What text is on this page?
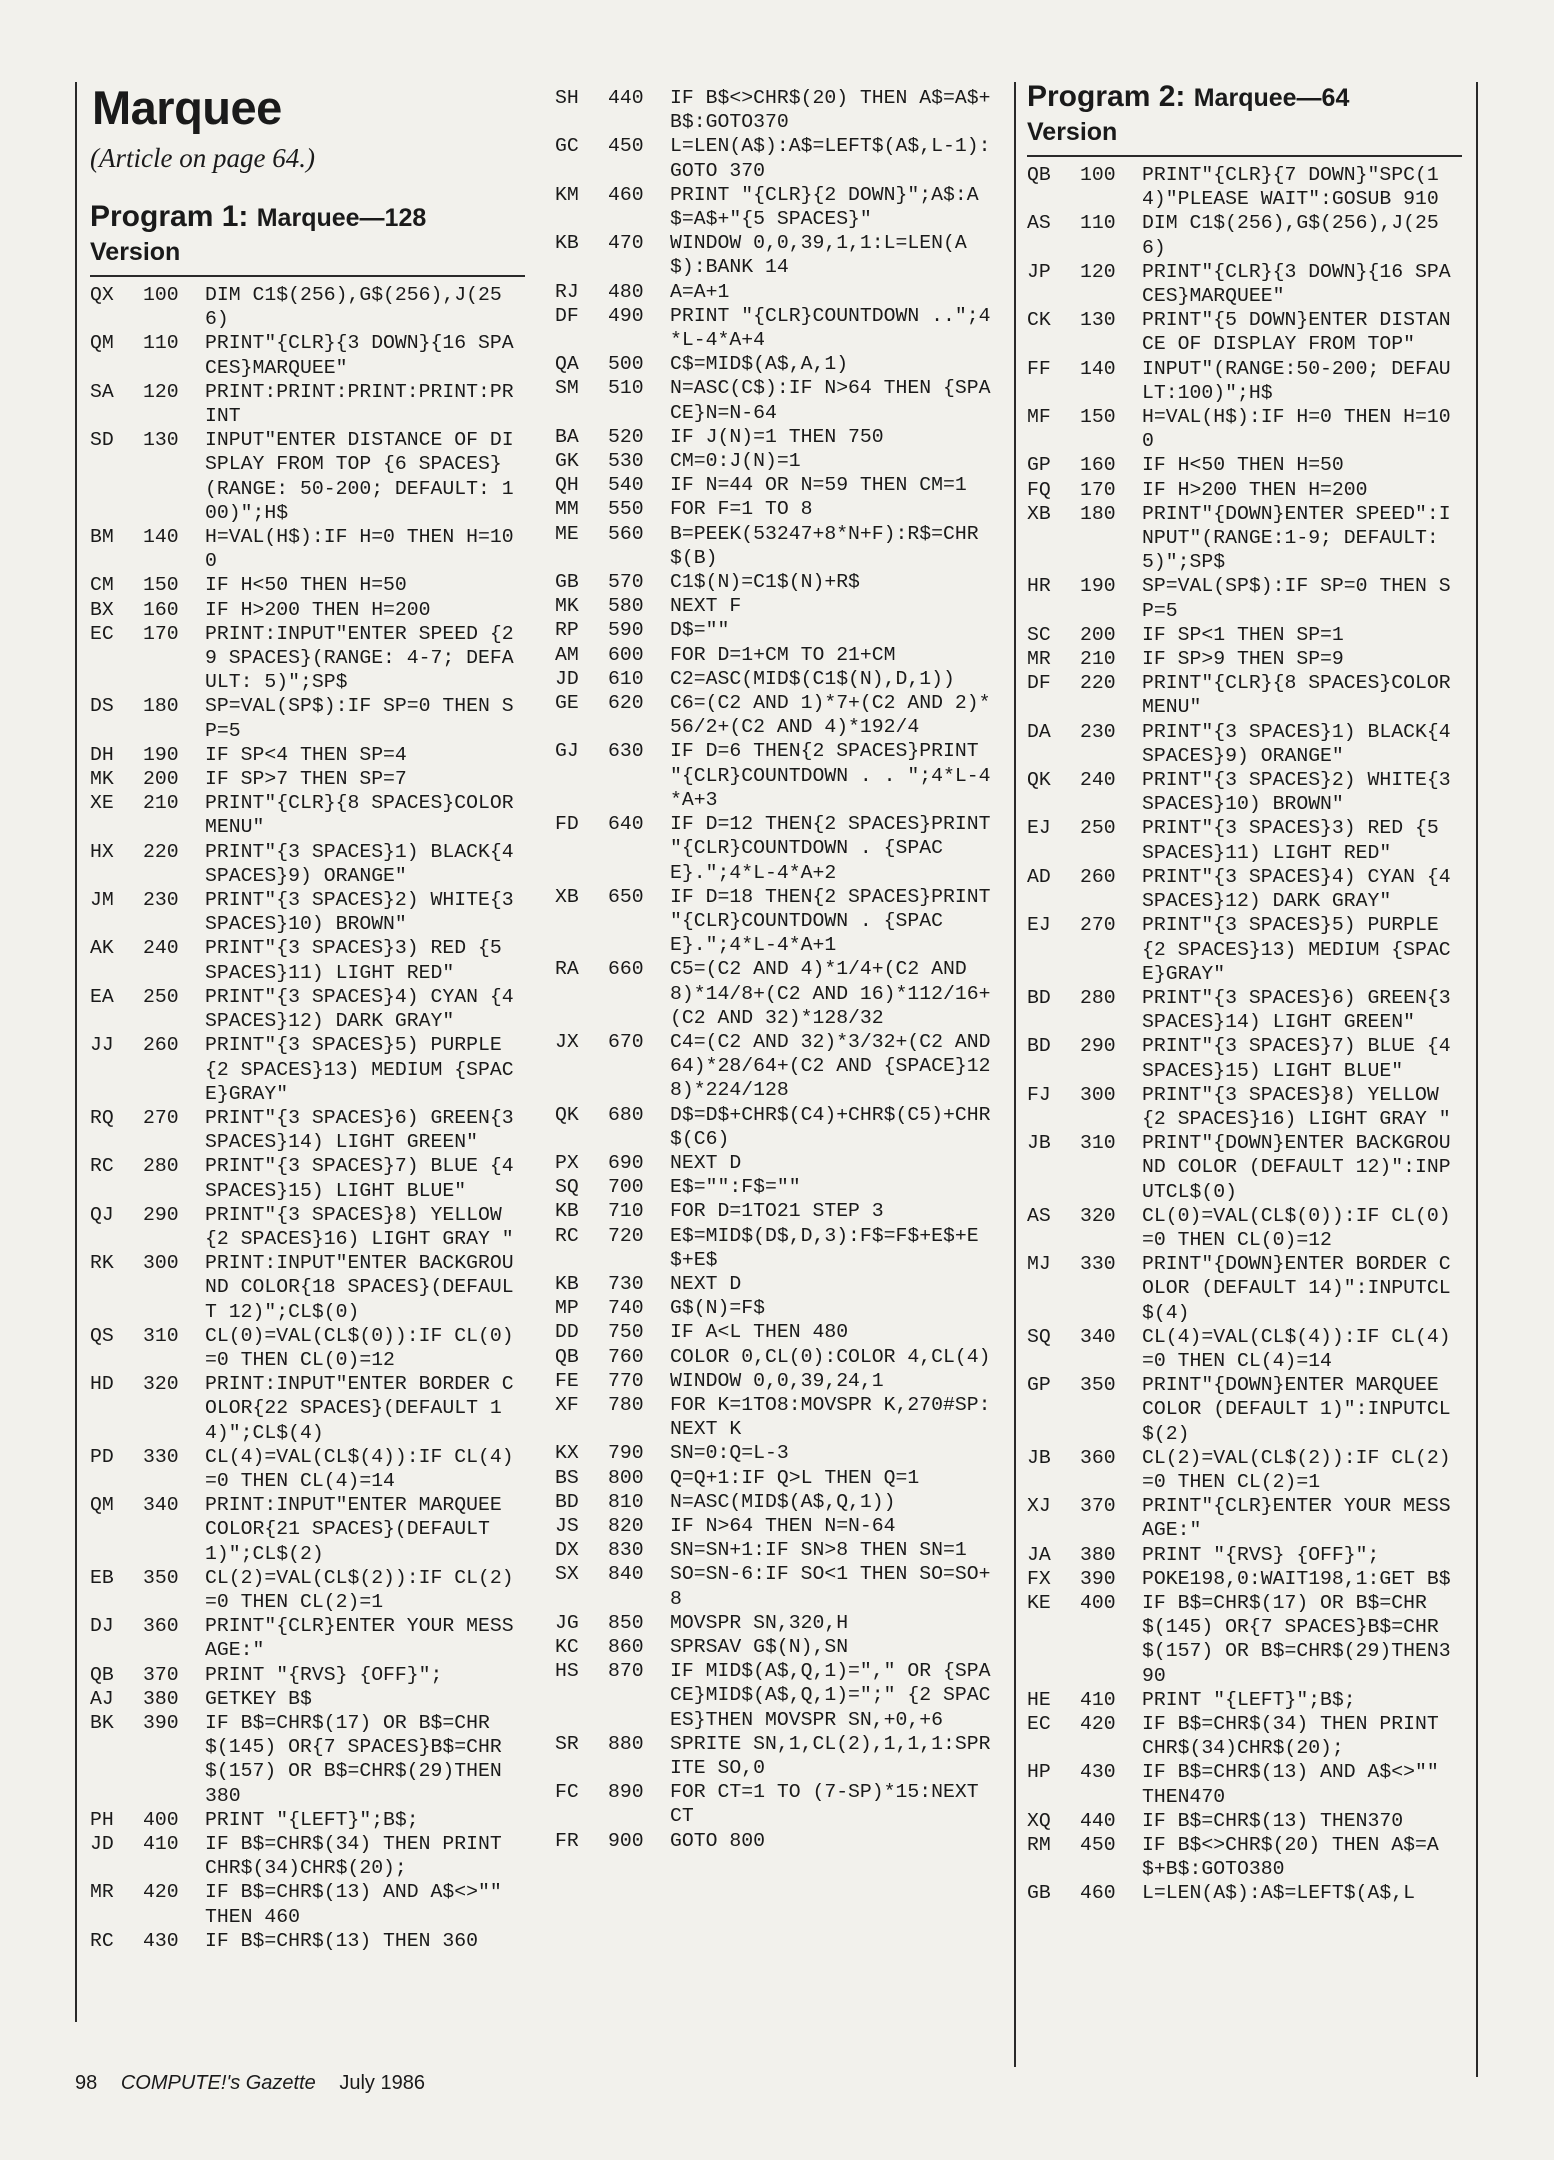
Marquee
(Article on page 64.)
Program 1: Marquee—128
Version
QX	100	DIM C1$(256),G$(256),J(256)
QM	110	PRINT"{CLR}{3 DOWN}{16 SPACES}MARQUEE"
SA	120	PRINT:PRINT:PRINT:PRINT:PRINT
SD	130	INPUT"ENTER DISTANCE OF DISPLAY FROM TOP {6 SPACES}(RANGE: 50-200; DEFAULT: 100)";H$
BM	140	H=VAL(H$):IF H=0 THEN H=100
CM	150	IF H<50 THEN H=50
BX	160	IF H>200 THEN H=200
EC	170	PRINT:INPUT"ENTER SPEED {29 SPACES}(RANGE: 4-7; DEFAULT: 5)";SP$
DS	180	SP=VAL(SP$):IF SP=0 THEN SP=5
DH	190	IF SP<4 THEN SP=4
MK	200	IF SP>7 THEN SP=7
XE	210	PRINT"{CLR}{8 SPACES}COLOR MENU"
HX	220	PRINT"{3 SPACES}1) BLACK{4 SPACES}9) ORANGE"
JM	230	PRINT"{3 SPACES}2) WHITE{3 SPACES}10) BROWN"
AK	240	PRINT"{3 SPACES}3) RED {5 SPACES}11) LIGHT RED"
EA	250	PRINT"{3 SPACES}4) CYAN {4 SPACES}12) DARK GRAY"
JJ	260	PRINT"{3 SPACES}5) PURPLE{2 SPACES}13) MEDIUM {SPACE}GRAY"
RQ	270	PRINT"{3 SPACES}6) GREEN{3 SPACES}14) LIGHT GREEN"
RC	280	PRINT"{3 SPACES}7) BLUE {4 SPACES}15) LIGHT BLUE"
QJ	290	PRINT"{3 SPACES}8) YELLOW{2 SPACES}16) LIGHT GRAY "
RK	300	PRINT:INPUT"ENTER BACKGROUND COLOR{18 SPACES}(DEFAULT 12)";CL$(0)
QS	310	CL(0)=VAL(CL$(0)):IF CL(0)=0 THEN CL(0)=12
HD	320	PRINT:INPUT"ENTER BORDER COLOR{22 SPACES}(DEFAULT 14)";CL$(4)
PD	330	CL(4)=VAL(CL$(4)):IF CL(4)=0 THEN CL(4)=14
QM	340	PRINT:INPUT"ENTER MARQUEE COLOR{21 SPACES}(DEFAULT 1)";CL$(2)
EB	350	CL(2)=VAL(CL$(2)):IF CL(2)=0 THEN CL(2)=1
DJ	360	PRINT"{CLR}ENTER YOUR MESSAGE:"
QB	370	PRINT "{RVS} {OFF}";
AJ	380	GETKEY B$
BK	390	IF B$=CHR$(17) OR B$=CHR$(145) OR{7 SPACES}B$=CHR$(157) OR B$=CHR$(29)THEN 380
PH	400	PRINT "{LEFT}";B$;
JD	410	IF B$=CHR$(34) THEN PRINT CHR$(34)CHR$(20);
MR	420	IF B$=CHR$(13) AND A$<>"" THEN 460
RC	430	IF B$=CHR$(13) THEN 360
SH	440	IF B$<>CHR$(20) THEN A$=A$+B$:GOTO370
GC	450	L=LEN(A$):A$=LEFT$(A$,L-1):GOTO 370
KM	460	PRINT "{CLR}{2 DOWN}";A$:A$=A$+"{5 SPACES}"
KB	470	WINDOW 0,0,39,1,1:L=LEN(A$):BANK 14
RJ	480	A=A+1
DF	490	PRINT "{CLR}COUNTDOWN ..";4*L-4*A+4
QA	500	C$=MID$(A$,A,1)
SM	510	N=ASC(C$):IF N>64 THEN {SPACE}N=N-64
BA	520	IF J(N)=1 THEN 750
GK	530	CM=0:J(N)=1
QH	540	IF N=44 OR N=59 THEN CM=1
MM	550	FOR F=1 TO 8
ME	560	B=PEEK(53247+8*N+F):R$=CHR$(B)
GB	570	C1$(N)=C1$(N)+R$
MK	580	NEXT F
RP	590	D$=""
AM	600	FOR D=1+CM TO 21+CM
JD	610	C2=ASC(MID$(C1$(N),D,1))
GE	620	C6=(C2 AND 1)*7+(C2 AND 2)*56/2+(C2 AND 4)*192/4
GJ	630	IF D=6 THEN{2 SPACES}PRINT "{CLR}COUNTDOWN . . ";4*L-4*A+3
FD	640	IF D=12 THEN{2 SPACES}PRINT "{CLR}COUNTDOWN . {SPACE}.";4*L-4*A+2
XB	650	IF D=18 THEN{2 SPACES}PRINT "{CLR}COUNTDOWN . {SPACE}.";4*L-4*A+1
RA	660	C5=(C2 AND 4)*1/4+(C2 AND 8)*14/8+(C2 AND 16)*112/16+(C2 AND 32)*128/32
JX	670	C4=(C2 AND 32)*3/32+(C2 AND 64)*28/64+(C2 AND {SPACE}128)*224/128
QK	680	D$=D$+CHR$(C4)+CHR$(C5)+CHR$(C6)
PX	690	NEXT D
SQ	700	E$="":F$=""
KB	710	FOR D=1TO21 STEP 3
RC	720	E$=MID$(D$,D,3):F$=F$+E$+E$+E$
KB	730	NEXT D
MP	740	G$(N)=F$
DD	750	IF A<L THEN 480
QB	760	COLOR 0,CL(0):COLOR 4,CL(4)
FE	770	WINDOW 0,0,39,24,1
XF	780	FOR K=1TO8:MOVSPR K,270#SP:NEXT K
KX	790	SN=0:Q=L-3
BS	800	Q=Q+1:IF Q>L THEN Q=1
BD	810	N=ASC(MID$(A$,Q,1))
JS	820	IF N>64 THEN N=N-64
DX	830	SN=SN+1:IF SN>8 THEN SN=1
SX	840	SO=SN-6:IF SO<1 THEN SO=SO+8
JG	850	MOVSPR SN,320,H
KC	860	SPRSAV G$(N),SN
HS	870	IF MID$(A$,Q,1)="," OR {SPACE}MID$(A$,Q,1)=";" {2 SPACES}THEN MOVSPR SN,+0,+6
SR	880	SPRITE SN,1,CL(2),1,1,1:SPRITE SO,0
FC	890	FOR CT=1 TO (7-SP)*15:NEXT CT
FR	900	GOTO 800
Program 2: Marquee—64
Version
QB	100	PRINT"{CLR}{7 DOWN}"SPC(14)"PLEASE WAIT":GOSUB 910
AS	110	DIM C1$(256),G$(256),J(256)
JP	120	PRINT"{CLR}{3 DOWN}{16 SPACES}MARQUEE"
CK	130	PRINT"{5 DOWN}ENTER DISTANCE OF DISPLAY FROM TOP"
FF	140	INPUT"(RANGE:50-200; DEFAULT:100)";H$
MF	150	H=VAL(H$):IF H=0 THEN H=100
GP	160	IF H<50 THEN H=50
FQ	170	IF H>200 THEN H=200
XB	180	PRINT"{DOWN}ENTER SPEED":INPUT"(RANGE:1-9; DEFAULT:5)";SP$
HR	190	SP=VAL(SP$):IF SP=0 THEN SP=5
SC	200	IF SP<1 THEN SP=1
MR	210	IF SP>9 THEN SP=9
DF	220	PRINT"{CLR}{8 SPACES}COLOR MENU"
DA	230	PRINT"{3 SPACES}1) BLACK{4 SPACES}9) ORANGE"
QK	240	PRINT"{3 SPACES}2) WHITE{3 SPACES}10) BROWN"
EJ	250	PRINT"{3 SPACES}3) RED {5 SPACES}11) LIGHT RED"
AD	260	PRINT"{3 SPACES}4) CYAN {4 SPACES}12) DARK GRAY"
EJ	270	PRINT"{3 SPACES}5) PURPLE{2 SPACES}13) MEDIUM {SPACE}GRAY"
BD	280	PRINT"{3 SPACES}6) GREEN{3 SPACES}14) LIGHT GREEN"
BD	290	PRINT"{3 SPACES}7) BLUE {4 SPACES}15) LIGHT BLUE"
FJ	300	PRINT"{3 SPACES}8) YELLOW{2 SPACES}16) LIGHT GRAY "
JB	310	PRINT"{DOWN}ENTER BACKGROUND COLOR (DEFAULT 12)":INPUTCL$(0)
AS	320	CL(0)=VAL(CL$(0)):IF CL(0)=0 THEN CL(0)=12
MJ	330	PRINT"{DOWN}ENTER BORDER COLOR (DEFAULT 14)":INPUTCL$(4)
SQ	340	CL(4)=VAL(CL$(4)):IF CL(4)=0 THEN CL(4)=14
GP	350	PRINT"{DOWN}ENTER MARQUEE COLOR (DEFAULT 1)":INPUTCL$(2)
JB	360	CL(2)=VAL(CL$(2)):IF CL(2)=0 THEN CL(2)=1
XJ	370	PRINT"{CLR}ENTER YOUR MESSAGE:"
JA	380	PRINT "{RVS} {OFF}";
FX	390	POKE198,0:WAIT198,1:GET B$
KE	400	IF B$=CHR$(17) OR B$=CHR$(145) OR{7 SPACES}B$=CHR$(157) OR B$=CHR$(29)THEN390
HE	410	PRINT "{LEFT}";B$;
EC	420	IF B$=CHR$(34) THEN PRINT CHR$(34)CHR$(20);
HP	430	IF B$=CHR$(13) AND A$<>"" THEN470
XQ	440	IF B$=CHR$(13) THEN370
RM	450	IF B$<>CHR$(20) THEN A$=A$+B$:GOTO380
GB	460	L=LEN(A$):A$=LEFT$(A$,L
98 COMPUTE!'s Gazette July 1986
